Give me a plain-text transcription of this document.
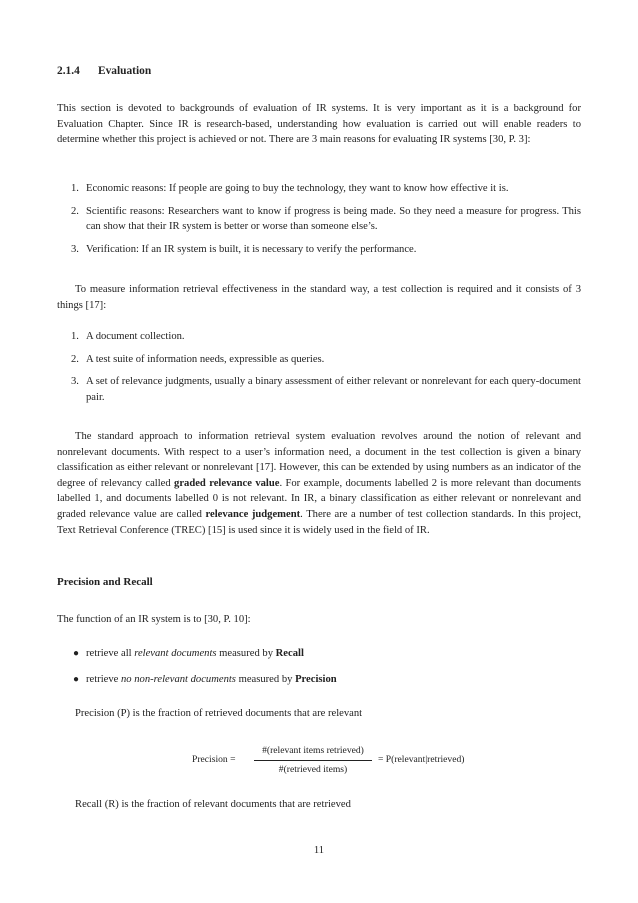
2.1.4 Evaluation

This section is devoted to backgrounds of evaluation of IR systems. It is very important as it is a background for Evaluation Chapter. Since IR is research-based, understanding how evaluation is carried out will enable readers to determine whether this project is achieved or not. There are 3 main reasons for evaluating IR systems [30, P. 3]:

1. Economic reasons: If people are going to buy the technology, they want to know how effective it is.
2. Scientific reasons: Researchers want to know if progress is being made. So they need a measure for progress. This can show that their IR system is better or worse than someone else’s.
3. Verification: If an IR system is built, it is necessary to verify the performance.

To measure information retrieval effectiveness in the standard way, a test collection is required and it consists of 3 things [17]:

1. A document collection.
2. A test suite of information needs, expressible as queries.
3. A set of relevance judgments, usually a binary assessment of either relevant or nonrelevant for each query-document pair.

The standard approach to information retrieval system evaluation revolves around the notion of relevant and nonrelevant documents. With respect to a user’s information need, a document in the test collection is given a binary classification as either relevant or nonrelevant [17]. However, this can be extended by using numbers as an indicator of the degree of relevancy called graded relevance value. For example, documents labelled 2 is more relevant than documents labelled 1, and documents labelled 0 is not relevant. In IR, a binary classification as either relevant or nonrelevant and graded relevance value are called relevance judgement. There are a number of test collection standards. In this project, Text Retrieval Conference (TREC) [15] is used since it is widely used in the field of IR.

Precision and Recall

The function of an IR system is to [30, P. 10]:

● retrieve all relevant documents measured by Recall
● retrieve no non-relevant documents measured by Precision

Precision (P) is the fraction of retrieved documents that are relevant

Precision =
#(relevant items retrieved)
#(retrieved items)
= P(relevant|retrieved)

Recall (R) is the fraction of relevant documents that are retrieved

11
